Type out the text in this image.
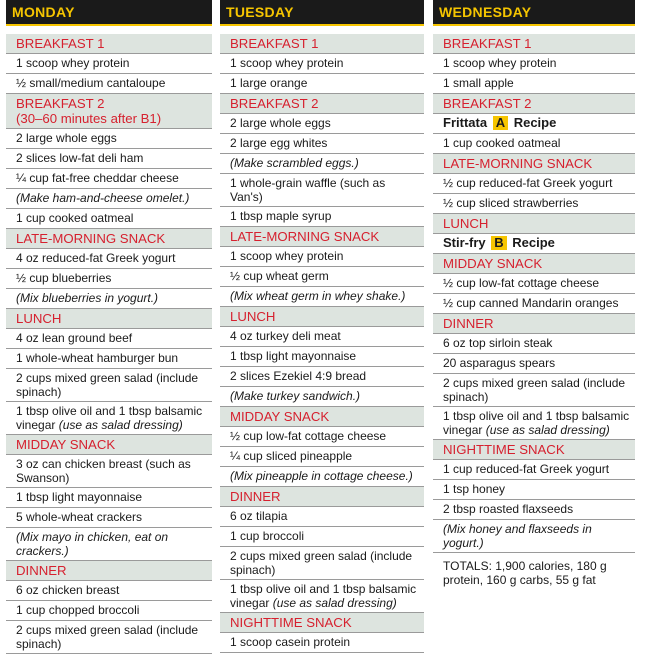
MONDAY
BREAKFAST 1
1 scoop whey protein
½ small/medium cantaloupe
BREAKFAST 2
(30–60 minutes after B1)
2 large whole eggs
2 slices low-fat deli ham
¼ cup fat-free cheddar cheese
(Make ham-and-cheese omelet.)
1 cup cooked oatmeal
LATE-MORNING SNACK
4 oz reduced-fat Greek yogurt
½ cup blueberries
(Mix blueberries in yogurt.)
LUNCH
4 oz lean ground beef
1 whole-wheat hamburger bun
2 cups mixed green salad (include spinach)
1 tbsp olive oil and 1 tbsp balsamic vinegar (use as salad dressing)
MIDDAY SNACK
3 oz can chicken breast (such as Swanson)
1 tbsp light mayonnaise
5 whole-wheat crackers
(Mix mayo in chicken, eat on crackers.)
DINNER
6 oz chicken breast
1 cup chopped broccoli
2 cups mixed green salad (include spinach)
TUESDAY
BREAKFAST 1
1 scoop whey protein
1 large orange
BREAKFAST 2
2 large whole eggs
2 large egg whites
(Make scrambled eggs.)
1 whole-grain waffle (such as Van's)
1 tbsp maple syrup
LATE-MORNING SNACK
1 scoop whey protein
½ cup wheat germ
(Mix wheat germ in whey shake.)
LUNCH
4 oz turkey deli meat
1 tbsp light mayonnaise
2 slices Ezekiel 4:9 bread
(Make turkey sandwich.)
MIDDAY SNACK
½ cup low-fat cottage cheese
¼ cup sliced pineapple
(Mix pineapple in cottage cheese.)
DINNER
6 oz tilapia
1 cup broccoli
2 cups mixed green salad (include spinach)
1 tbsp olive oil and 1 tbsp balsamic vinegar (use as salad dressing)
NIGHTTIME SNACK
1 scoop casein protein
WEDNESDAY
BREAKFAST 1
1 scoop whey protein
1 small apple
BREAKFAST 2
Frittata A Recipe
1 cup cooked oatmeal
LATE-MORNING SNACK
½ cup reduced-fat Greek yogurt
½ cup sliced strawberries
LUNCH
Stir-fry B Recipe
MIDDAY SNACK
½ cup low-fat cottage cheese
½ cup canned Mandarin oranges
DINNER
6 oz top sirloin steak
20 asparagus spears
2 cups mixed green salad (include spinach)
1 tbsp olive oil and 1 tbsp balsamic vinegar (use as salad dressing)
NIGHTTIME SNACK
1 cup reduced-fat Greek yogurt
1 tsp honey
2 tbsp roasted flaxseeds
(Mix honey and flaxseeds in yogurt.)
TOTALS: 1,900 calories, 180 g protein, 160 g carbs, 55 g fat
